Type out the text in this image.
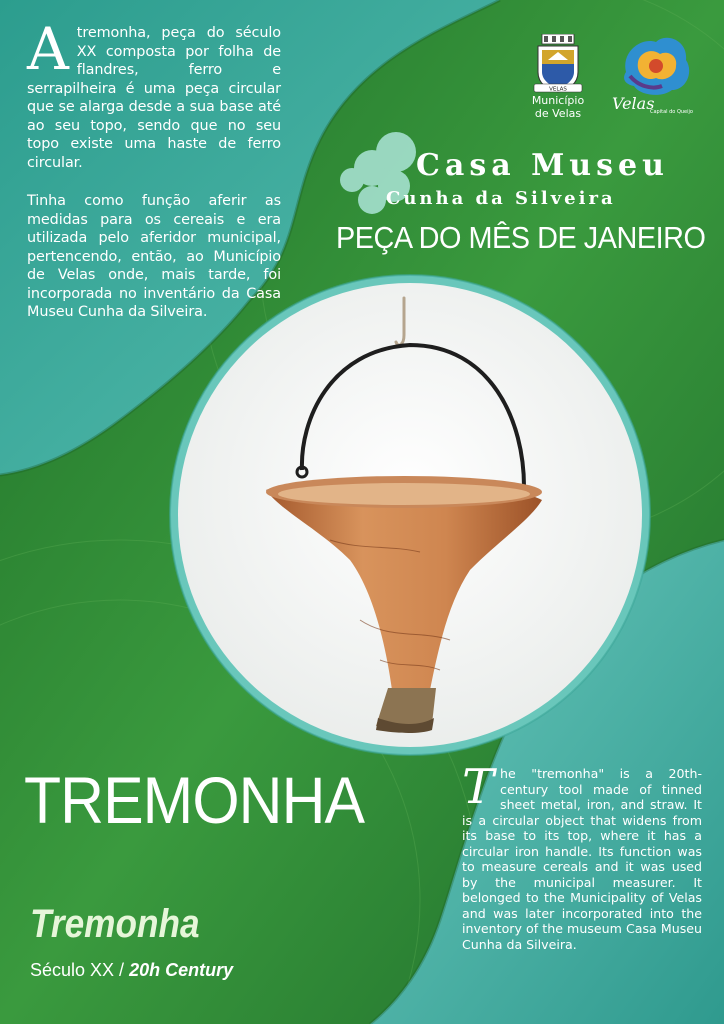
Atremonha, peça do século XX composta por folha de flandres, ferro e serrapilheira é uma peça circular que se alarga desde a sua base até ao seu topo, sendo que no seu topo existe uma haste de ferro circular.

Tinha como função aferir as medidas para os cereais e era utilizada pelo aferidor municipal, pertencendo, então, ao Município de Velas onde, mais tarde, foi incorporada no inventário da Casa Museu Cunha da Silveira.

VELAS
Município
de Velas
Velas
Capital do Queijo
Casa Museu
Cunha da Silveira
PEÇA DO MÊS DE JANEIRO
TREMONHA
Tremonha
Século XX / 20h Century
The "tremonha" is a 20th-century tool made of tinned sheet metal, iron, and straw. It is a circular object that widens from its base to its top, where it has a circular iron handle. Its function was to measure cereals and it was used by the municipal measurer. It belonged to the Municipality of Velas and was later incorporated into the inventory of the museum Casa Museu Cunha da Silveira.
